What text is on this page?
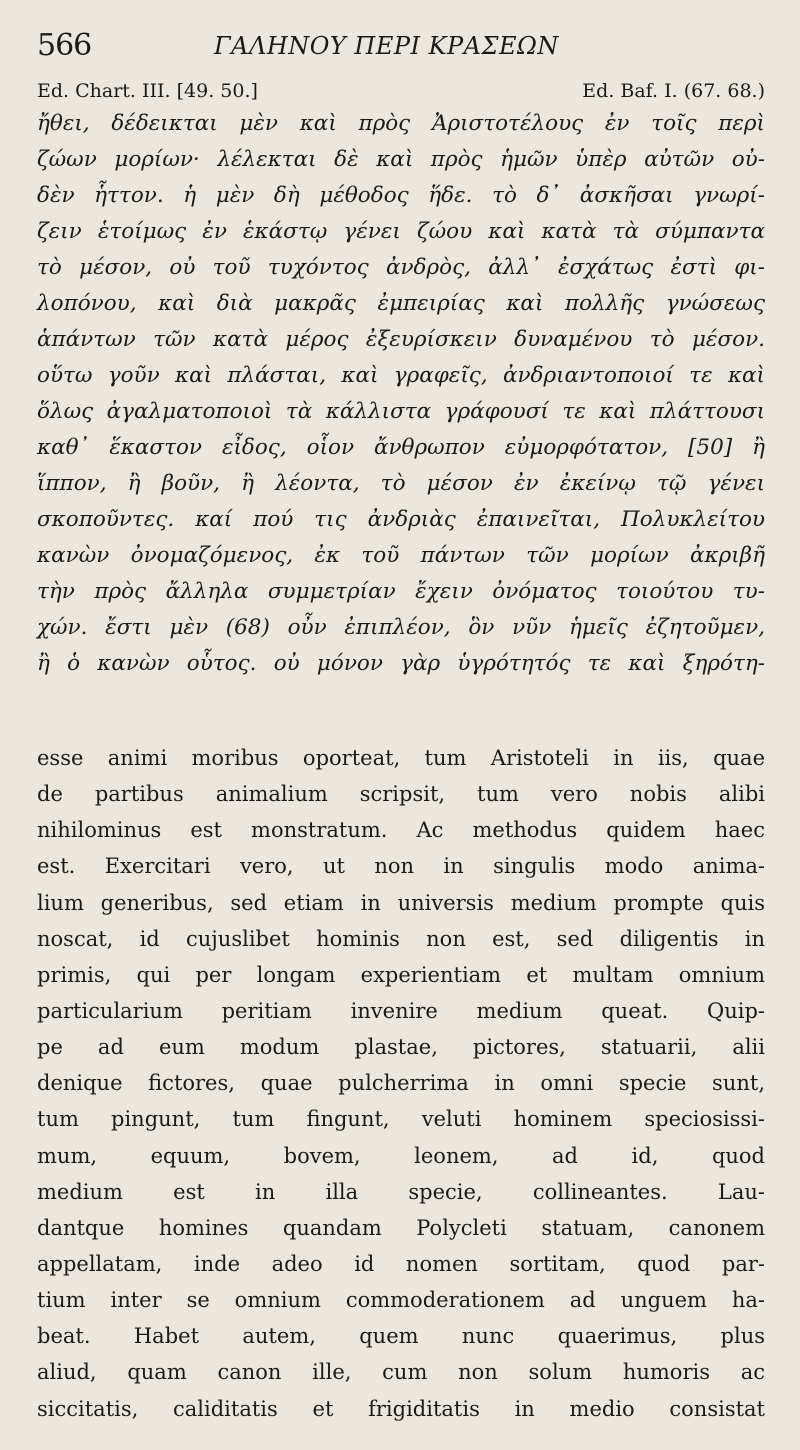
566	ΓΑΛΗΝΟΥ ΠΕΡΙ ΚΡΑΣΕΩΝ
Ed. Chart. III. [49. 50.]	Ed. Baf. I. (67. 68.)
ἤθει, δέδεικται μὲν καὶ πρὸς Ἀριστοτέλους ἐν τοῖς περὶ
ζώων μορίων· λέλεκται δὲ καὶ πρὸς ἡμῶν ὑπὲρ αὐτῶν οὐ-
δὲν ἧττον. ἡ μὲν δὴ μέθοδος ἥδε. τὸ δ᾽ ἀσκῆσαι γνωρί-
ζειν ἑτοίμως ἐν ἑκάστῳ γένει ζώου καὶ κατὰ τὰ σύμπαντα
τὸ μέσον, οὐ τοῦ τυχόντος ἀνδρὸς, ἀλλ᾽ ἐσχάτως ἐστὶ φι-
λοπόνου, καὶ διὰ μακρᾶς ἐμπειρίας καὶ πολλῆς γνώσεως
ἁπάντων τῶν κατὰ μέρος ἐξευρίσκειν δυναμένου τὸ μέσον.
οὕτω γοῦν καὶ πλάσται, καὶ γραφεῖς, ἀνδριαντοποιοί τε καὶ
ὅλως ἀγαλματοποιοὶ τὰ κάλλιστα γράφουσί τε καὶ πλάττουσι
καθ᾽ ἕκαστον εἶδος, οἷον ἄνθρωπον εὐμορφότατον, [50] ἢ
ἵππον, ἢ βοῦν, ἢ λέοντα, τὸ μέσον ἐν ἐκείνῳ τῷ γένει
σκοποῦντες. καί πού τις ἀνδριὰς ἐπαινεῖται, Πολυκλείτου
κανὼν ὀνομαζόμενος, ἐκ τοῦ πάντων τῶν μορίων ἀκριβῆ
τὴν πρὸς ἄλληλα συμμετρίαν ἔχειν ὀνόματος τοιούτου τυ-
χών. ἔστι μὲν (68) οὖν ἐπιπλέον, ὃν νῦν ἡμεῖς ἐζητοῦμεν,
ἢ ὁ κανὼν οὗτος. οὐ μόνον γὰρ ὑγρότητός τε καὶ ξηρότη-
esse animi moribus oporteat, tum Aristoteli in iis, quae
de partibus animalium scripsit, tum vero nobis alibi
nihilominus est monstratum. Ac methodus quidem haec
est. Exercitari vero, ut non in singulis modo anima-
lium generibus, sed etiam in universis medium prompte quis
noscat, id cujuslibet hominis non est, sed diligentis in
primis, qui per longam experientiam et multam omnium
particularium peritiam invenire medium queat. Quip-
pe ad eum modum plastae, pictores, statuarii, alii
denique fictores, quae pulcherrima in omni specie sunt,
tum pingunt, tum fingunt, veluti hominem speciosissi-
mum, equum, bovem, leonem, ad id, quod
medium est in illa specie, collineantes. Lau-
dantque homines quandam Polycleti statuam, canonem
appellatam, inde adeo id nomen sortitam, quod par-
tium inter se omnium commoderationem ad unguem ha-
beat. Habet autem, quem nunc quaerimus, plus
aliud, quam canon ille, cum non solum humoris ac
siccitatis, caliditatis et frigiditatis in medio consistat
